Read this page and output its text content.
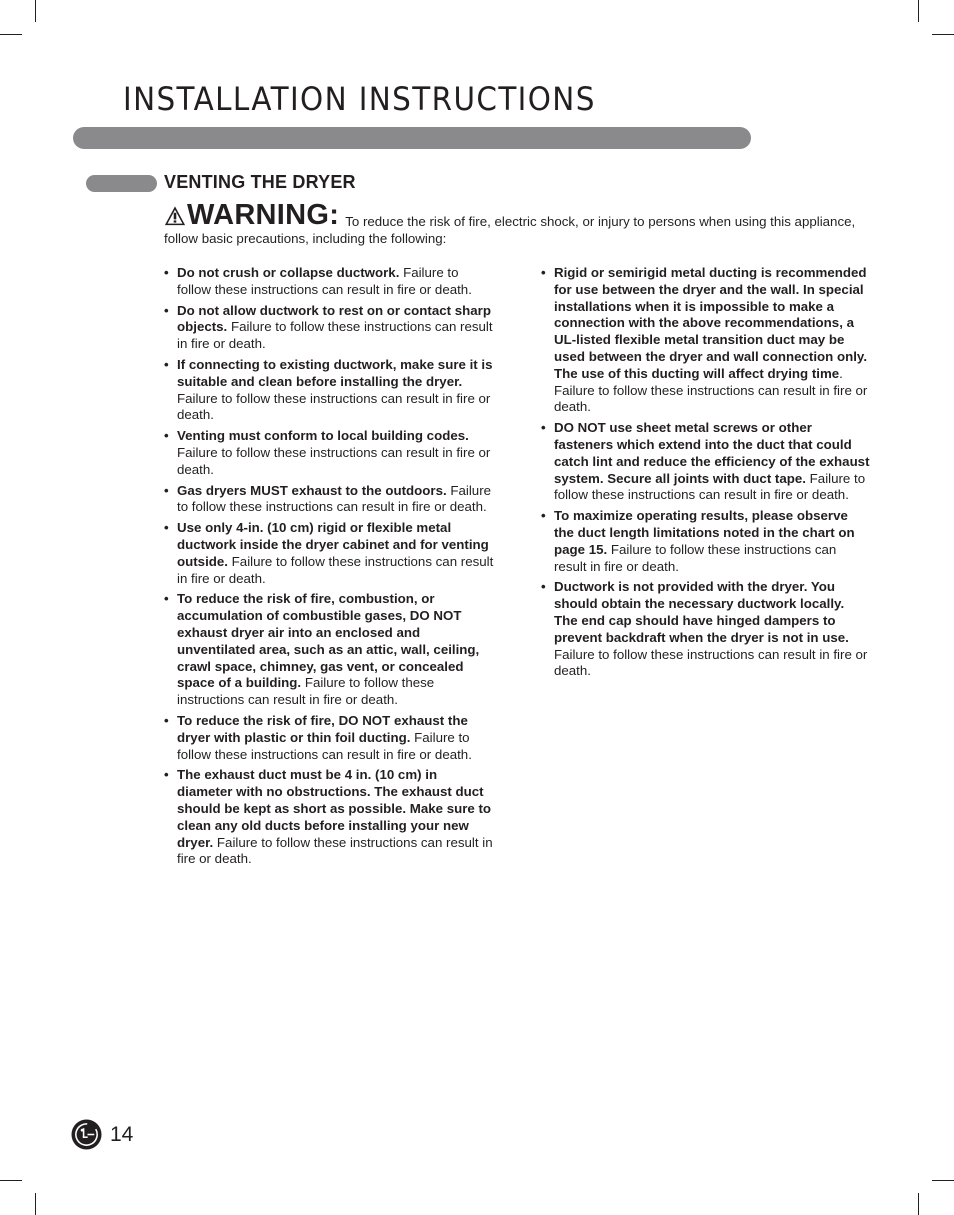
INSTALLATION INSTRUCTIONS
VENTING THE DRYER
WARNING: To reduce the risk of fire, electric shock, or injury to persons when using this appliance, follow basic precautions, including the following:
• Do not crush or collapse ductwork. Failure to follow these instructions can result in fire or death.
• Do not allow ductwork to rest on or contact sharp objects. Failure to follow these instructions can result in fire or death.
• If connecting to existing ductwork, make sure it is suitable and clean before installing the dryer. Failure to follow these instructions can result in fire or death.
• Venting must conform to local building codes. Failure to follow these instructions can result in fire or death.
• Gas dryers MUST exhaust to the outdoors. Failure to follow these instructions can result in fire or death.
• Use only 4-in. (10 cm) rigid or flexible metal ductwork inside the dryer cabinet and for venting outside. Failure to follow these instructions can result in fire or death.
• To reduce the risk of fire, combustion, or accumulation of combustible gases, DO NOT exhaust dryer air into an enclosed and unventilated area, such as an attic, wall, ceiling, crawl space, chimney, gas vent, or concealed space of a building. Failure to follow these instructions can result in fire or death.
• To reduce the risk of fire, DO NOT exhaust the dryer with plastic or thin foil ducting. Failure to follow these instructions can result in fire or death.
• The exhaust duct must be 4 in. (10 cm) in diameter with no obstructions. The exhaust duct should be kept as short as possible. Make sure to clean any old ducts before installing your new dryer. Failure to follow these instructions can result in fire or death.
• Rigid or semirigid metal ducting is recommended for use between the dryer and the wall. In special installations when it is impossible to make a connection with the above recommendations, a UL-listed flexible metal transition duct may be used between the dryer and wall connection only. The use of this ducting will affect drying time. Failure to follow these instructions can result in fire or death.
• DO NOT use sheet metal screws or other fasteners which extend into the duct that could catch lint and reduce the efficiency of the exhaust system. Secure all joints with duct tape. Failure to follow these instructions can result in fire or death.
• To maximize operating results, please observe the duct length limitations noted in the chart on page 15. Failure to follow these instructions can result in fire or death.
• Ductwork is not provided with the dryer. You should obtain the necessary ductwork locally. The end cap should have hinged dampers to prevent backdraft when the dryer is not in use. Failure to follow these instructions can result in fire or death.
14
